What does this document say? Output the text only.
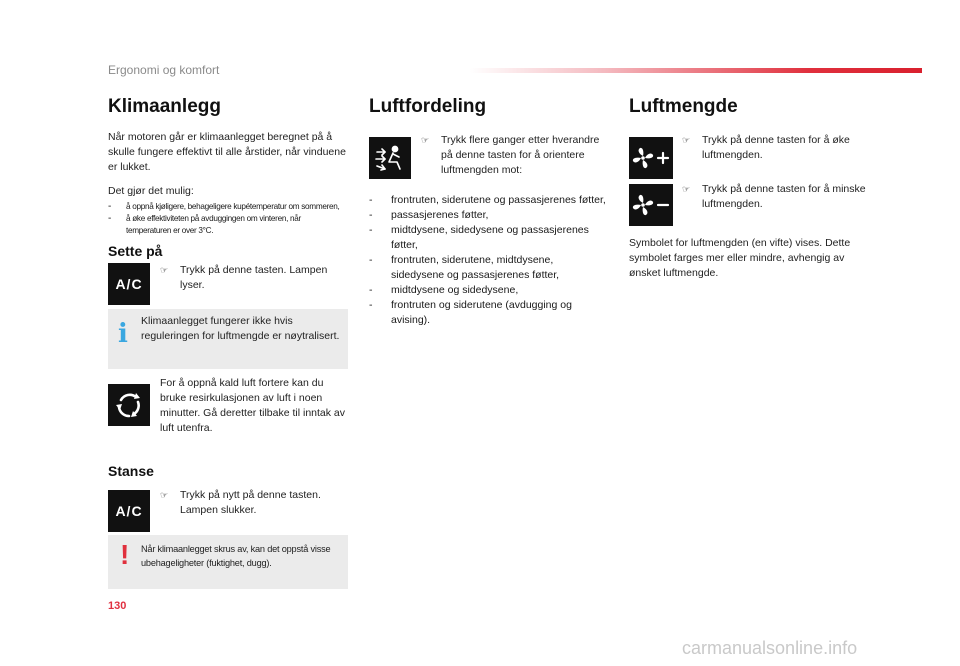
Ergonomi og komfort
Klimaanlegg

Når motoren går er klimaanlegget beregnet på å skulle fungere effektivt til alle årstider, når vinduene er lukket.

Det gjør det mulig:

- å oppnå kjøligere, behageligere kupétemperatur om sommeren,
- å øke effektiviteten på avduggingen om vinteren, når temperaturen er over 3°C.
Sette på
A/C
☞	Trykk på denne tasten. Lampen lyser.
i Klimaanlegget fungerer ikke hvis reguleringen for luftmengde er nøytralisert.

For å oppnå kald luft fortere kan du bruke resirkulasjonen av luft i noen minutter. Gå deretter tilbake til inntak av luft utenfra.

Stanse
A/C
☞	Trykk på nytt på denne tasten. Lampen slukker.
! Når klimaanlegget skrus av, kan det oppstå visse ubehageligheter (fuktighet, dugg).

Luftfordeling
☞	Trykk flere ganger etter hverandre på denne tasten for å orientere luftmengden mot:
- frontruten, siderutene og passasjerenes føtter,
- passasjerenes føtter,
- midtdysene, sidedysene og passasjerenes føtter,
- frontruten, siderutene, midtdysene, sidedysene og passasjerenes føtter,
- midtdysene og sidedysene,
- frontruten og siderutene (avdugging og avising).
Luftmengde
☞	Trykk på denne tasten for å øke luftmengden.
☞	Trykk på denne tasten for å minske luftmengden.

Symbolet for luftmengden (en vifte) vises. Dette symbolet farges mer eller mindre, avhengig av ønsket luftmengde.

130
carmanualsonline.info
